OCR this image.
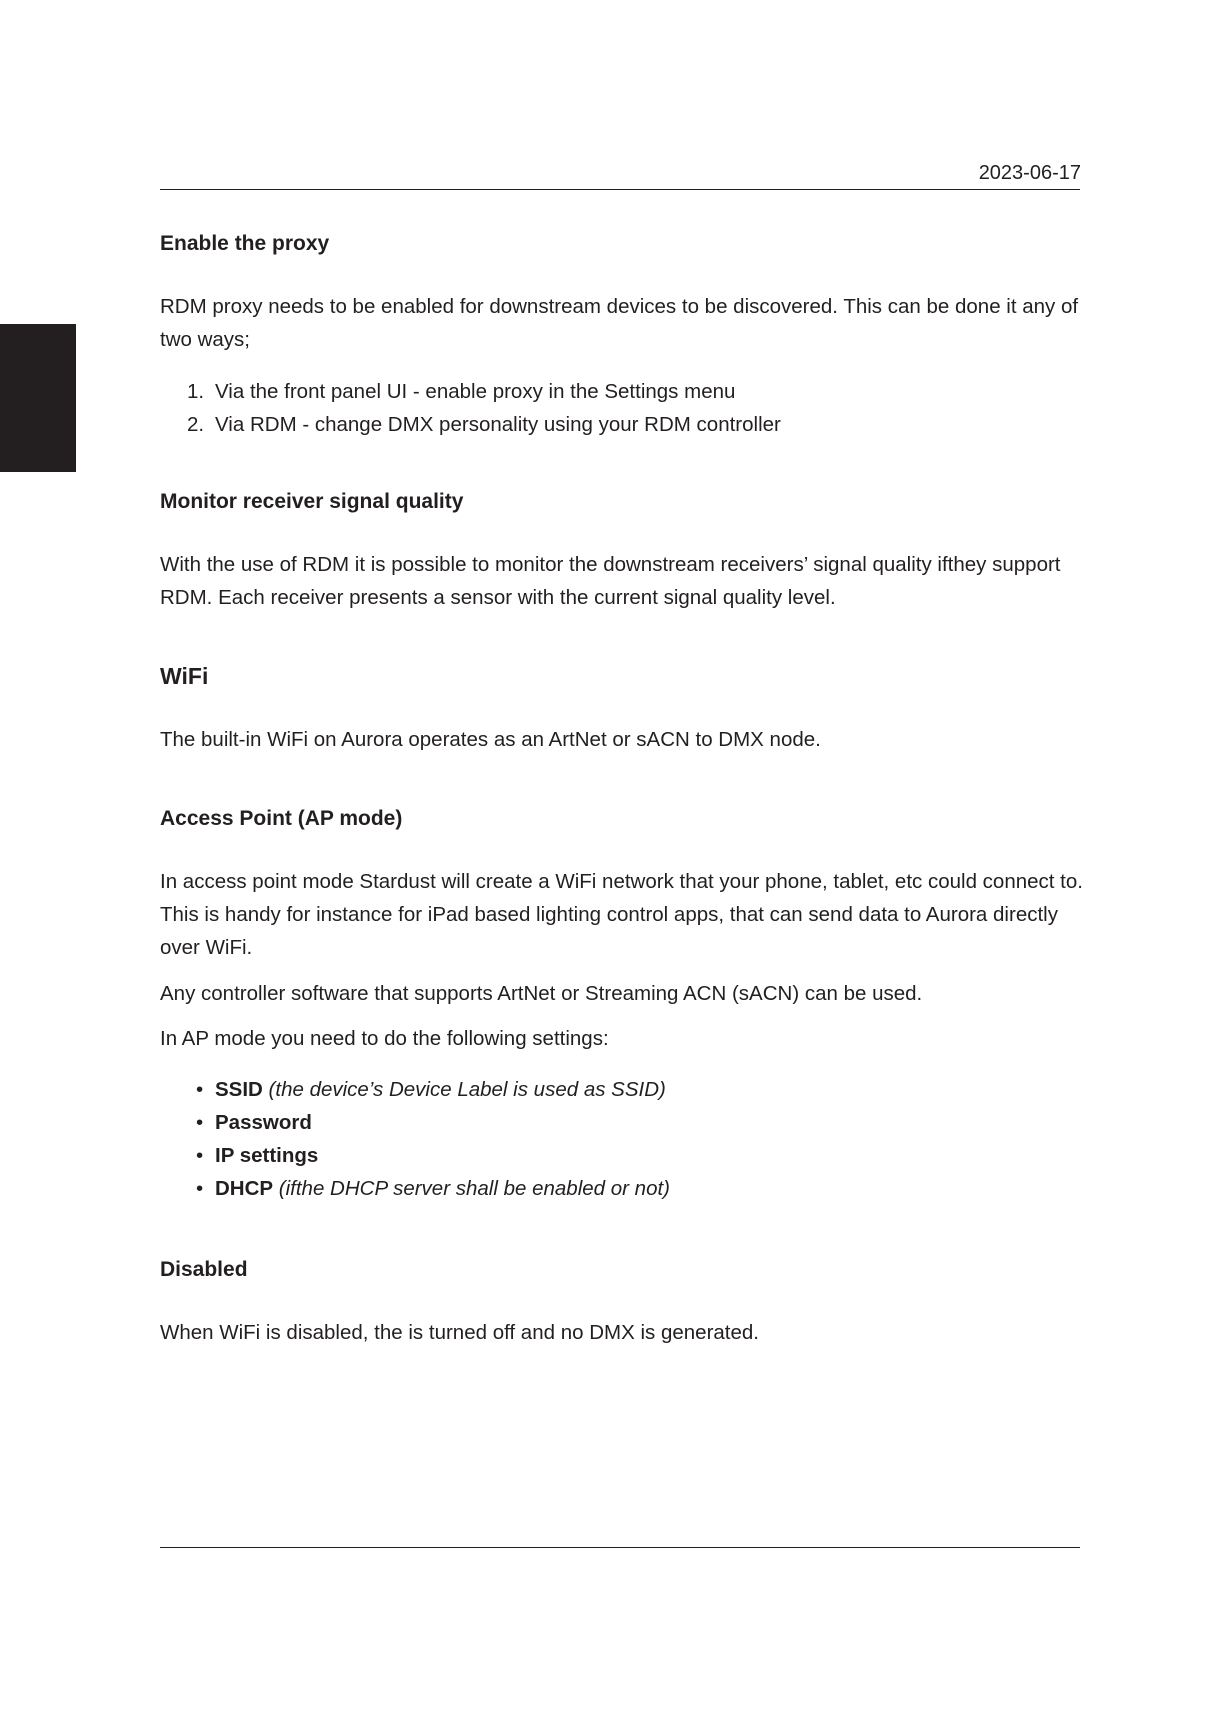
2023-06-17
Enable the proxy
RDM proxy needs to be enabled for downstream devices to be discovered. This can be done it any of two ways;
1. Via the front panel UI - enable proxy in the Settings menu
2. Via RDM - change DMX personality using your RDM controller
Monitor receiver signal quality
With the use of RDM it is possible to monitor the downstream receivers’ signal quality ifthey support RDM. Each receiver presents a sensor with the current signal quality level.
WiFi
The built-in WiFi on Aurora operates as an ArtNet or sACN to DMX node.
Access Point (AP mode)
In access point mode Stardust will create a WiFi network that your phone, tablet, etc could connect to. This is handy for instance for iPad based lighting control apps, that can send data to Aurora directly over WiFi.
Any controller software that supports ArtNet or Streaming ACN (sACN) can be used.
In AP mode you need to do the following settings:
• SSID (the device’s Device Label is used as SSID)
• Password
• IP settings
• DHCP (ifthe DHCP server shall be enabled or not)
Disabled
When WiFi is disabled, the is turned off and no DMX is generated.
